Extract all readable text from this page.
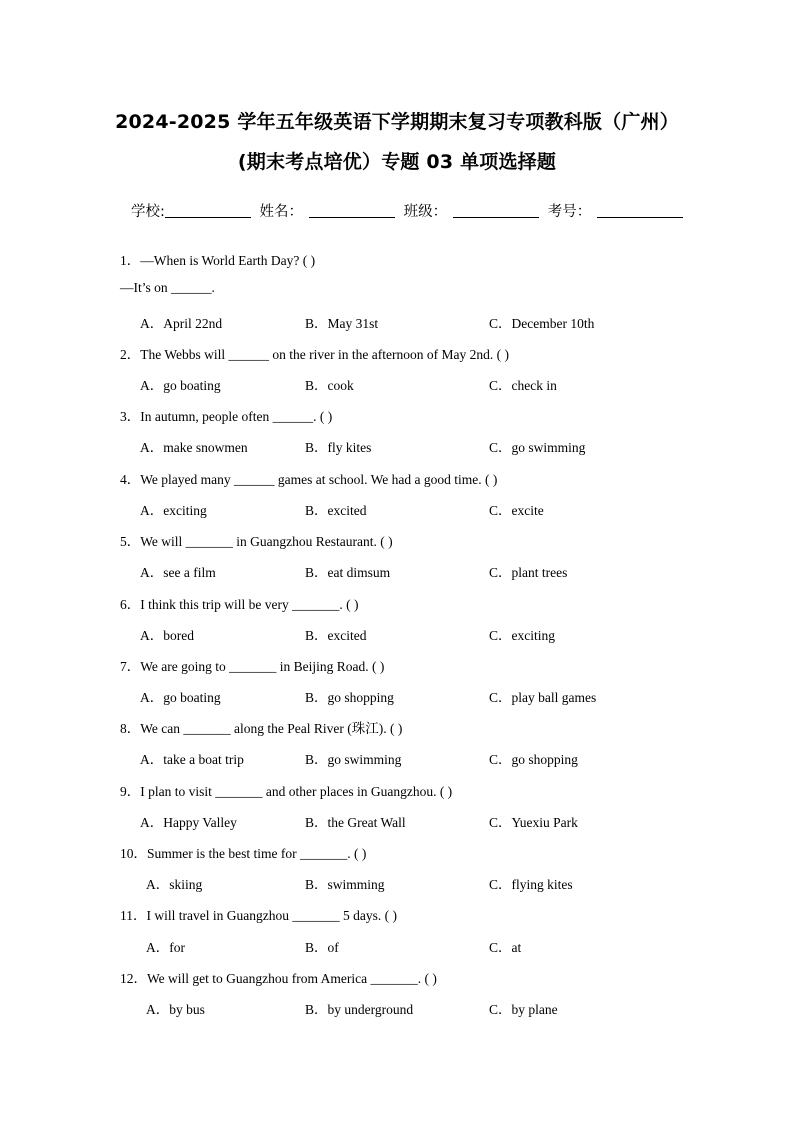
2024-2025 学年五年级英语下学期期末复习专项教科版（广州）
(期末考点培优）专题 03 单项选择题
学校:	姓名：	班级：	考号：
1．—When is World Earth Day? ( )
—It’s on ______.
A．April 22nd	B．May 31st	C．December 10th
2．The Webbs will ______ on the river in the afternoon of May 2nd. ( )
A．go boating	B．cook	C．check in
3．In autumn, people often ______. ( )
A．make snowmen	B．fly kites	C．go swimming
4．We played many ______ games at school. We had a good time. ( )
A．exciting	B．excited	C．excite
5．We will _______ in Guangzhou Restaurant. ( )
A．see a film	B．eat dimsum	C．plant trees
6．I think this trip will be very _______. ( )
A．bored	B．excited	C．exciting
7．We are going to _______ in Beijing Road. ( )
A．go boating	B．go shopping	C．play ball games
8．We can _______ along the Peal River (珠江). ( )
A．take a boat trip	B．go swimming	C．go shopping
9．I plan to visit _______ and other places in Guangzhou. ( )
A．Happy Valley	B．the Great Wall	C．Yuexiu Park
10．Summer is the best time for _______. ( )
A．skiing	B．swimming	C．flying kites
11．I will travel in Guangzhou _______ 5 days. ( )
A．for	B．of	C．at
12．We will get to Guangzhou from America _______. ( )
A．by bus	B．by underground	C．by plane
